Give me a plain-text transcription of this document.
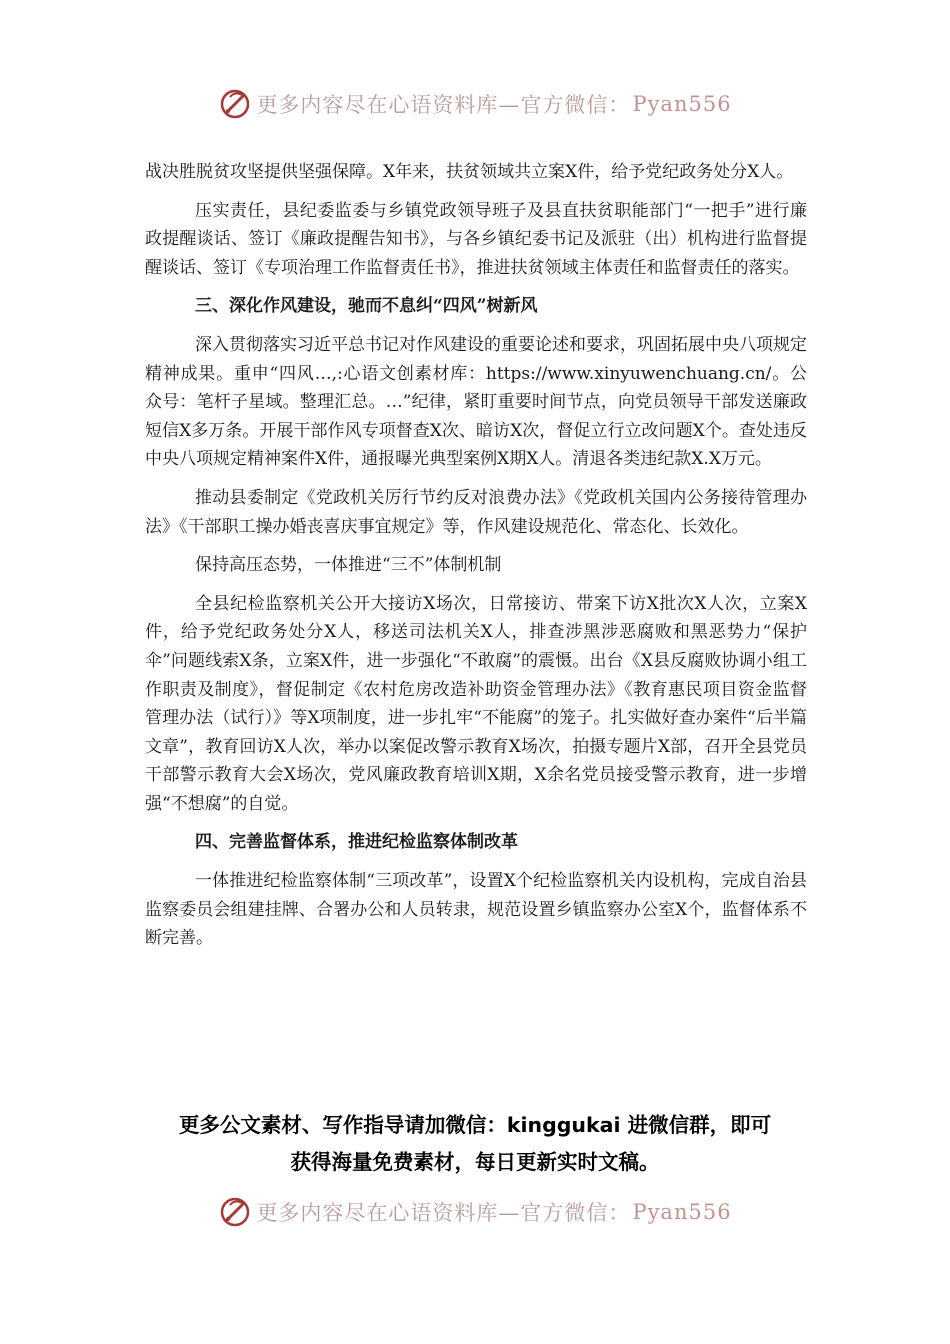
更多内容尽在心语资料库—官方微信： Pyan556

战决胜脱贫攻坚提供坚强保障。X年来，扶贫领域共立案X件，给予党纪政务处分X人。

压实责任，县纪委监委与乡镇党政领导班子及县直扶贫职能部门“一把手”进行廉政提醒谈话、签订《廉政提醒告知书》，与各乡镇纪委书记及派驻（出）机构进行监督提醒谈话、签订《专项治理工作监督责任书》，推进扶贫领域主体责任和监督责任的落实。

三、深化作风建设，驰而不息纠“四风”树新风

深入贯彻落实习近平总书记对作风建设的重要论述和要求，巩固拓展中央八项规定精神成果。重申“四风…,:心语文创素材库：https://www.xinyuwenchuang.cn/。公众号：笔杆子星域。整理汇总。…”纪律，紧盯重要时间节点，向党员领导干部发送廉政短信X多万条。开展干部作风专项督查X次、暗访X次，督促立行立改问题X个。查处违反中央八项规定精神案件X件，通报曝光典型案例X期X人。清退各类违纪款X.X万元。

推动县委制定《党政机关厉行节约反对浪费办法》《党政机关国内公务接待管理办法》《干部职工操办婚丧喜庆事宜规定》等，作风建设规范化、常态化、长效化。

保持高压态势，一体推进“三不”体制机制

全县纪检监察机关公开大接访X场次，日常接访、带案下访X批次X人次，立案X件，给予党纪政务处分X人，移送司法机关X人，排查涉黑涉恶腐败和黑恶势力“保护伞”问题线索X条，立案X件，进一步强化“不敢腐”的震慑。出台《X县反腐败协调小组工作职责及制度》，督促制定《农村危房改造补助资金管理办法》《教育惠民项目资金监督管理办法（试行）》等X项制度，进一步扎牢“不能腐”的笼子。扎实做好查办案件“后半篇文章”，教育回访X人次，举办以案促改警示教育X场次，拍摄专题片X部，召开全县党员干部警示教育大会X场次，党风廉政教育培训X期，X余名党员接受警示教育，进一步增强“不想腐”的自觉。

四、完善监督体系，推进纪检监察体制改革

一体推进纪检监察体制“三项改革”，设置X个纪检监察机关内设机构，完成自治县监察委员会组建挂牌、合署办公和人员转隶，规范设置乡镇监察办公室X个，监督体系不断完善。

更多公文素材、写作指导请加微信：kinggukai 进微信群，即可
获得海量免费素材，每日更新实时文稿。
更多内容尽在心语资料库—官方微信： Pyan556
